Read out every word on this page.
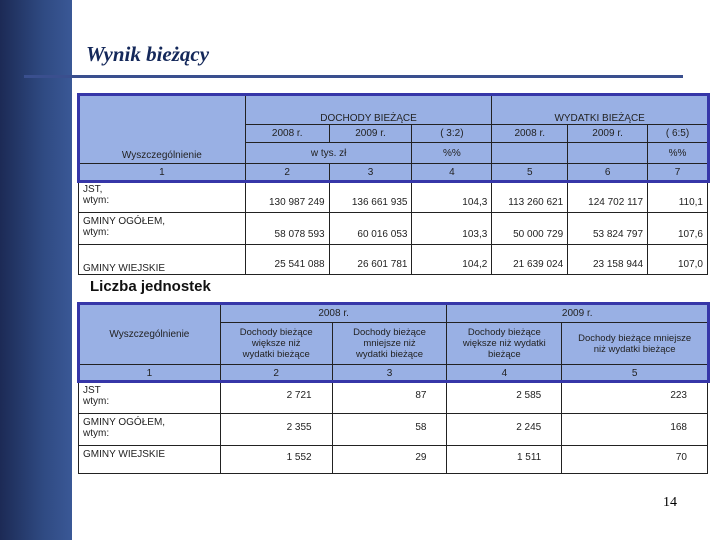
Wynik bieżący
Wyszczególnienie	DOCHODY BIEŻĄCE			WYDATKI BIEŻĄCE		
	2008 r.	2009 r.	( 3:2)	2008 r.	2009 r.	( 6:5)
	w tys. zł		%%			%%
1	2	3	4	5	6	7

JST,
wtym:	130 987 249	136 661 935	104,3	113 260 621	124 702 117	110,1

GMINY OGÓŁEM,
wtym:	58 078 593	60 016 053	103,3	50 000 729	53 824 797	107,6

GMINY WIEJSKIE	25 541 088	26 601 781	104,2	21 639 024	23 158 944	107,0
Liczba jednostek
Wyszczególnienie	2008 r.		2009 r.	
	Dochody bieżące większe niż wydatki bieżące	Dochody bieżące mniejsze niż wydatki bieżące	Dochody bieżące większe niż wydatki bieżące	Dochody bieżące mniejsze niż wydatki bieżące
1	2	3	4	5

JST
wtym:	2 721	87	2 585	223

GMINY OGÓŁEM,
wtym:	2 355	58	2 245	168

GMINY WIEJSKIE	1 552	29	1 511	70
14
